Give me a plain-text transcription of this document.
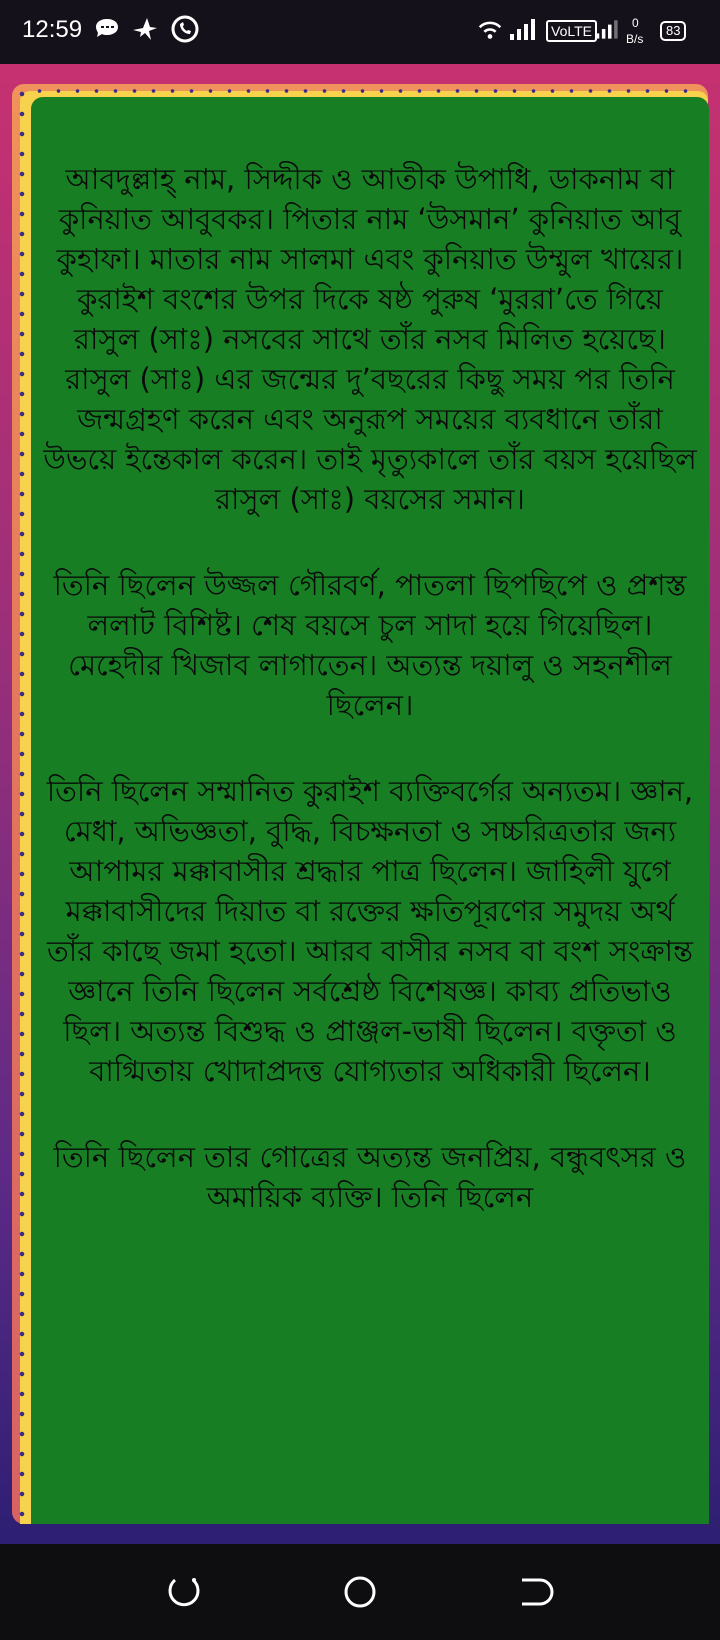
12:59	VoLTE	0
B/s
83

আবদুল্লাহ্ নাম, সিদ্দীক ও আতীক উপাধি, ডাকনাম বা কুনিয়াত আবুবকর। পিতার নাম ‘উসমান’ কুনিয়াত আবু কুহাফা। মাতার নাম সালমা এবং কুনিয়াত উম্মুল খায়ের। কুরাইশ বংশের উপর দিকে ষষ্ঠ পুরুষ ‘মুররা’তে গিয়ে রাসুল (সাঃ) নসবের সাথে তাঁর নসব মিলিত হয়েছে। রাসুল (সাঃ) এর জন্মের দু’বছরের কিছু সময় পর তিনি জন্মগ্রহণ করেন এবং অনুরূপ সময়ের ব্যবধানে তাঁরা উভয়ে ইন্তেকাল করেন। তাই মৃত্যুকালে তাঁর বয়স হয়েছিল রাসুল (সাঃ) বয়সের সমান।

তিনি ছিলেন উজ্জল গৌরবর্ণ, পাতলা ছিপছিপে ও প্রশস্ত ললাট বিশিষ্ট। শেষ বয়সে চুল সাদা হয়ে গিয়েছিল। মেহেদীর খিজাব লাগাতেন। অত্যন্ত দয়ালু ও সহনশীল ছিলেন।

তিনি ছিলেন সম্মানিত কুরাইশ ব্যক্তিবর্গের অন্যতম। জ্ঞান, মেধা, অভিজ্ঞতা, বুদ্ধি, বিচক্ষনতা ও সচ্চরিত্রতার জন্য আপামর মক্কাবাসীর শ্রদ্ধার পাত্র ছিলেন। জাহিলী যুগে মক্কাবাসীদের দিয়াত বা রক্তের ক্ষতিপূরণের সমুদয় অর্থ তাঁর কাছে জমা হতো। আরব বাসীর নসব বা বংশ সংক্রান্ত জ্ঞানে তিনি ছিলেন সর্বশ্রেষ্ঠ বিশেষজ্ঞ। কাব্য প্রতিভাও ছিল। অত্যন্ত বিশুদ্ধ ও প্রাঞ্জল-ভাষী ছিলেন। বক্তৃতা ও বাগ্মিতায় খোদাপ্রদত্ত যোগ্যতার অধিকারী ছিলেন।

তিনি ছিলেন তার গোত্রের অত্যন্ত জনপ্রিয়, বন্ধুবৎসর ও অমায়িক ব্যক্তি। তিনি ছিলেন
